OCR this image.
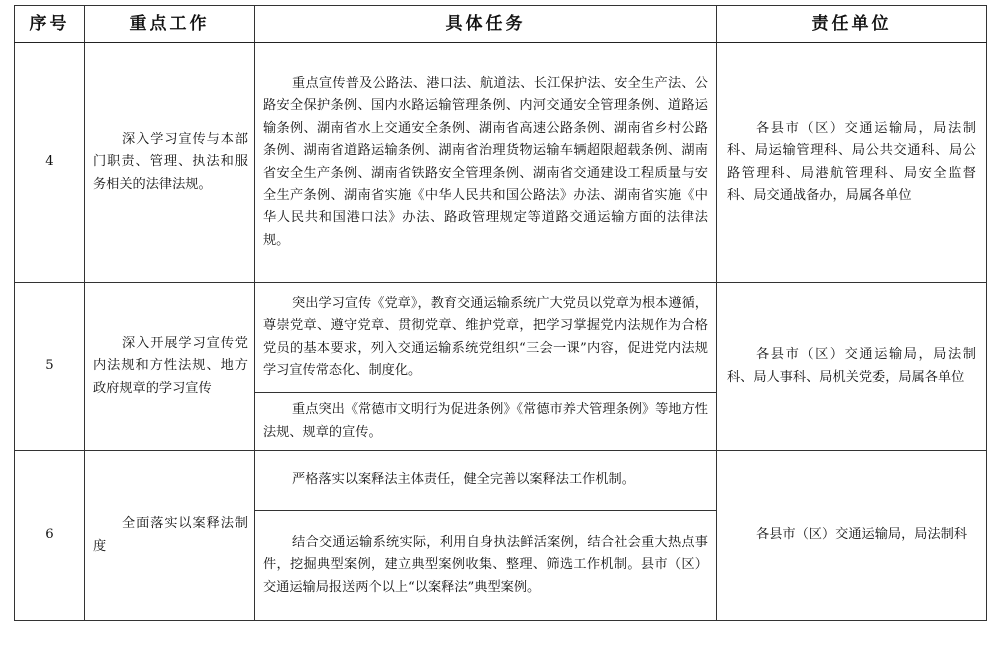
序号	重点工作	具体任务	责任单位
4	深入学习宣传与本部门职责、管理、执法和服务相关的法律法规。	重点宣传普及公路法、港口法、航道法、长江保护法、安全生产法、公路安全保护条例、国内水路运输管理条例、内河交通安全管理条例、道路运输条例、湖南省水上交通安全条例、湖南省高速公路条例、湖南省乡村公路条例、湖南省道路运输条例、湖南省治理货物运输车辆超限超载条例、湖南省安全生产条例、湖南省铁路安全管理条例、湖南省交通建设工程质量与安全生产条例、湖南省实施《中华人民共和国公路法》办法、湖南省实施《中华人民共和国港口法》办法、路政管理规定等道路交通运输方面的法律法规。	各县市（区）交通运输局，局法制科、局运输管理科、局公共交通科、局公路管理科、局港航管理科、局安全监督科、局交通战备办，局属各单位

5	深入开展学习宣传党内法规和方性法规、地方政府规章的学习宣传	突出学习宣传《党章》，教育交通运输系统广大党员以党章为根本遵循，尊崇党章、遵守党章、贯彻党章、维护党章，把学习掌握党内法规作为合格党员的基本要求，列入交通运输系统党组织“三会一课”内容，促进党内法规学习宣传常态化、制度化。	各县市（区）交通运输局，局法制科、局人事科、局机关党委，局属各单位

		重点突出《常德市文明行为促进条例》《常德市养犬管理条例》等地方性法规、规章的宣传。	

6	全面落实以案释法制度	严格落实以案释法主体责任，健全完善以案释法工作机制。	各县市（区）交通运输局，局法制科

		结合交通运输系统实际，利用自身执法鲜活案例，结合社会重大热点事件，挖掘典型案例，建立典型案例收集、整理、筛选工作机制。县市（区）交通运输局报送两个以上“以案释法”典型案例。	
